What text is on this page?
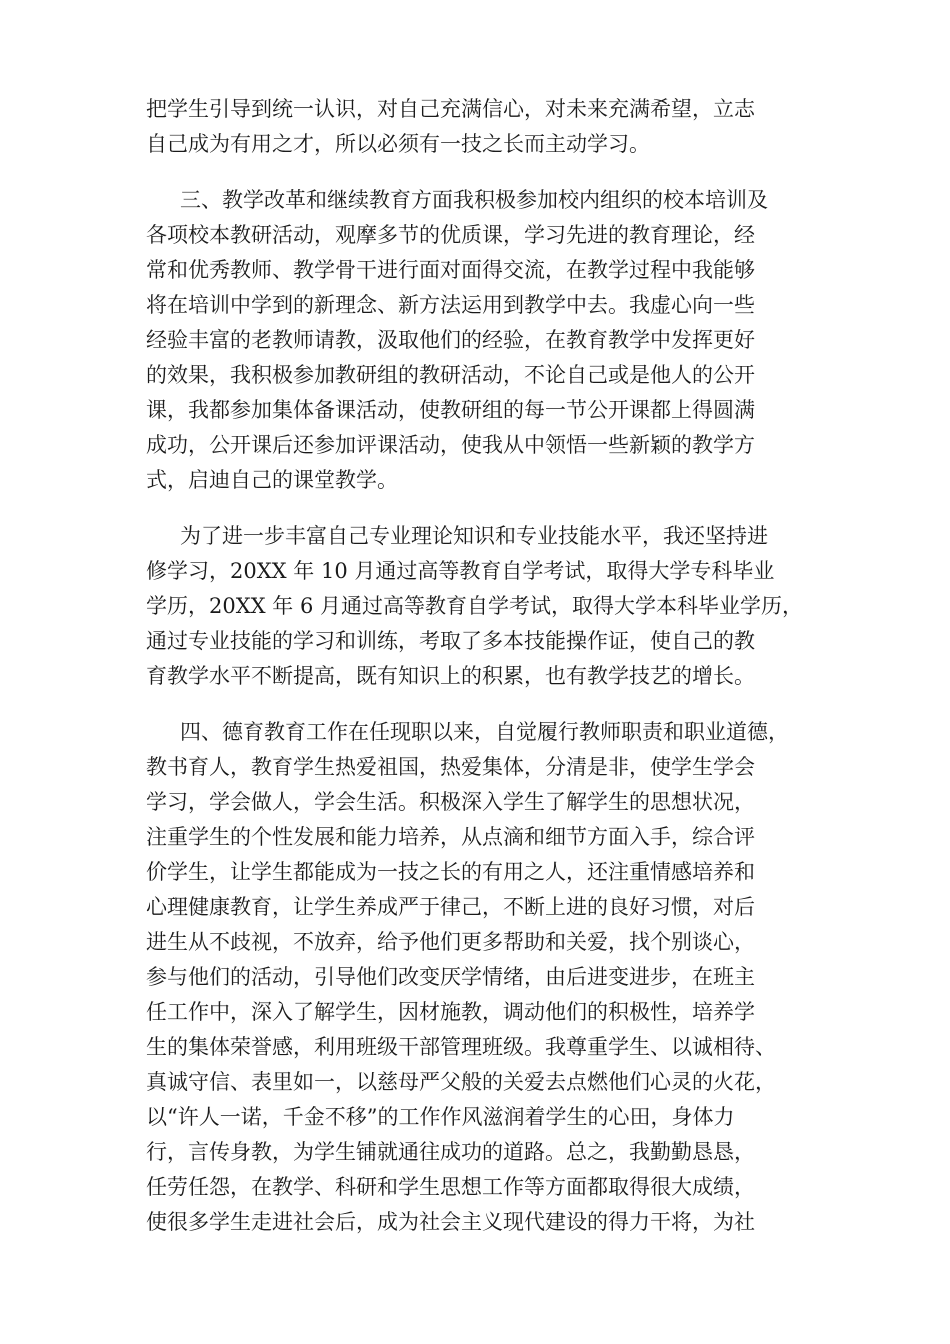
把学生引导到统一认识，对自己充满信心，对未来充满希望，立志
自己成为有用之才，所以必须有一技之长而主动学习。
三、教学改革和继续教育方面我积极参加校内组织的校本培训及
各项校本教研活动，观摩多节的优质课，学习先进的教育理论，经
常和优秀教师、教学骨干进行面对面得交流，在教学过程中我能够
将在培训中学到的新理念、新方法运用到教学中去。我虚心向一些
经验丰富的老教师请教，汲取他们的经验，在教育教学中发挥更好
的效果，我积极参加教研组的教研活动，不论自己或是他人的公开
课，我都参加集体备课活动，使教研组的每一节公开课都上得圆满
成功，公开课后还参加评课活动，使我从中领悟一些新颖的教学方
式，启迪自己的课堂教学。
为了进一步丰富自己专业理论知识和专业技能水平，我还坚持进
修学习，20XX 年 10 月通过高等教育自学考试，取得大学专科毕业
学历，20XX 年 6 月通过高等教育自学考试，取得大学本科毕业学历，
通过专业技能的学习和训练，考取了多本技能操作证，使自己的教
育教学水平不断提高，既有知识上的积累，也有教学技艺的增长。
四、德育教育工作在任现职以来，自觉履行教师职责和职业道德，
教书育人，教育学生热爱祖国，热爱集体，分清是非，使学生学会
学习，学会做人，学会生活。积极深入学生了解学生的思想状况，
注重学生的个性发展和能力培养，从点滴和细节方面入手，综合评
价学生，让学生都能成为一技之长的有用之人，还注重情感培养和
心理健康教育，让学生养成严于律己，不断上进的良好习惯，对后
进生从不歧视，不放弃，给予他们更多帮助和关爱，找个别谈心，
参与他们的活动，引导他们改变厌学情绪，由后进变进步，在班主
任工作中，深入了解学生，因材施教，调动他们的积极性，培养学
生的集体荣誉感，利用班级干部管理班级。我尊重学生、以诚相待、
真诚守信、表里如一，以慈母严父般的关爱去点燃他们心灵的火花，
以“许人一诺，千金不移”的工作作风滋润着学生的心田，身体力
行，言传身教，为学生铺就通往成功的道路。总之，我勤勤恳恳，
任劳任怨，在教学、科研和学生思想工作等方面都取得很大成绩，
使很多学生走进社会后，成为社会主义现代建设的得力干将，为社
